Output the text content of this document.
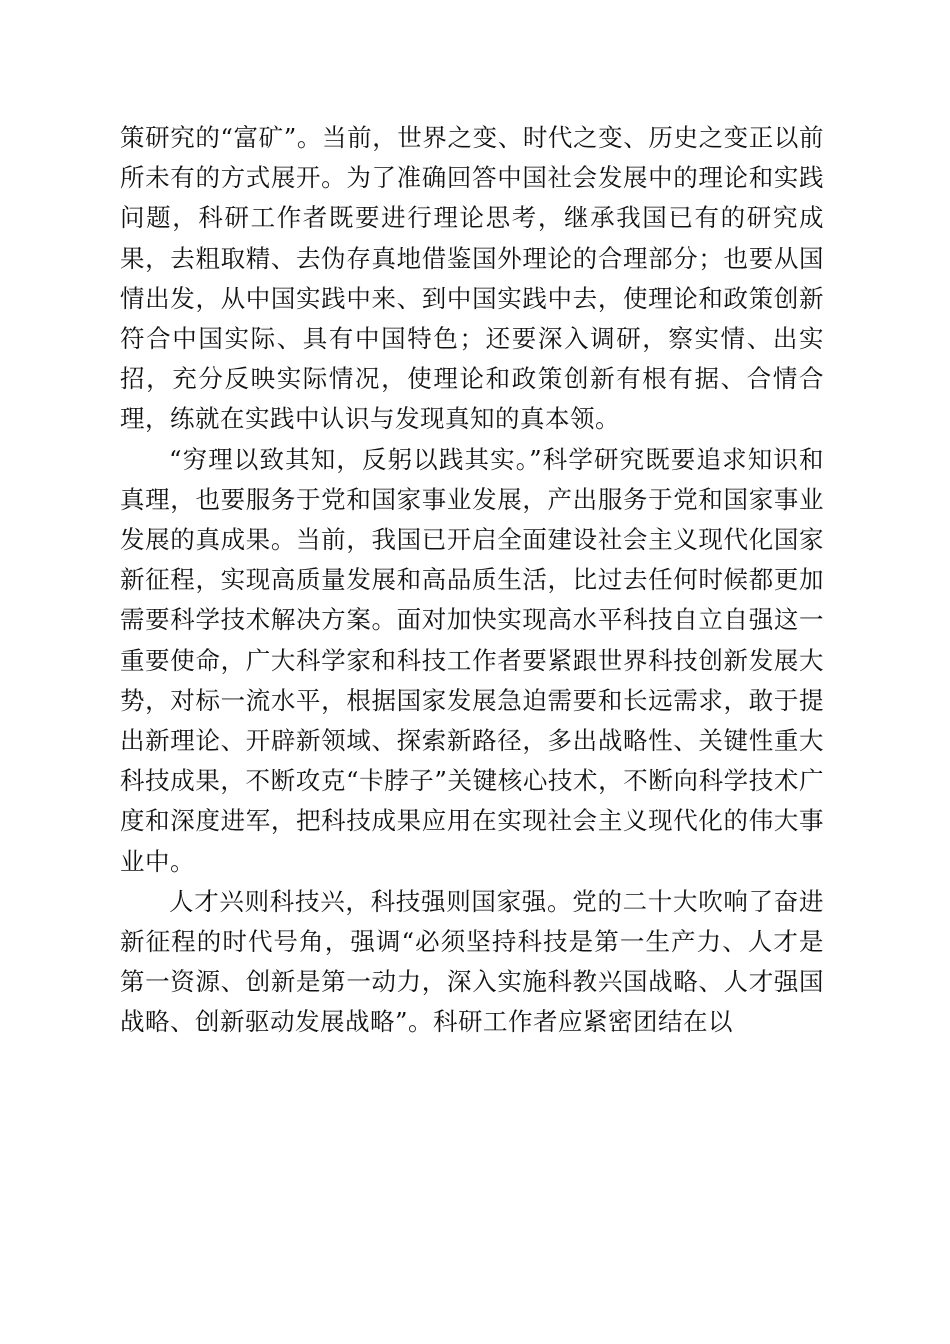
策研究的“富矿”。当前，世界之变、时代之变、历史之变正以前所未有的方式展开。为了准确回答中国社会发展中的理论和实践问题，科研工作者既要进行理论思考，继承我国已有的研究成果，去粗取精、去伪存真地借鉴国外理论的合理部分；也要从国情出发，从中国实践中来、到中国实践中去，使理论和政策创新符合中国实际、具有中国特色；还要深入调研，察实情、出实招，充分反映实际情况，使理论和政策创新有根有据、合情合理，练就在实践中认识与发现真知的真本领。

“穷理以致其知，反躬以践其实。”科学研究既要追求知识和真理，也要服务于党和国家事业发展，产出服务于党和国家事业发展的真成果。当前，我国已开启全面建设社会主义现代化国家新征程，实现高质量发展和高品质生活，比过去任何时候都更加需要科学技术解决方案。面对加快实现高水平科技自立自强这一重要使命，广大科学家和科技工作者要紧跟世界科技创新发展大势，对标一流水平，根据国家发展急迫需要和长远需求，敢于提出新理论、开辟新领域、探索新路径，多出战略性、关键性重大科技成果，不断攻克“卡脖子”关键核心技术，不断向科学技术广度和深度进军，把科技成果应用在实现社会主义现代化的伟大事业中。

人才兴则科技兴，科技强则国家强。党的二十大吹响了奋进新征程的时代号角，强调“必须坚持科技是第一生产力、人才是第一资源、创新是第一动力，深入实施科教兴国战略、人才强国战略、创新驱动发展战略”。科研工作者应紧密团结在以
